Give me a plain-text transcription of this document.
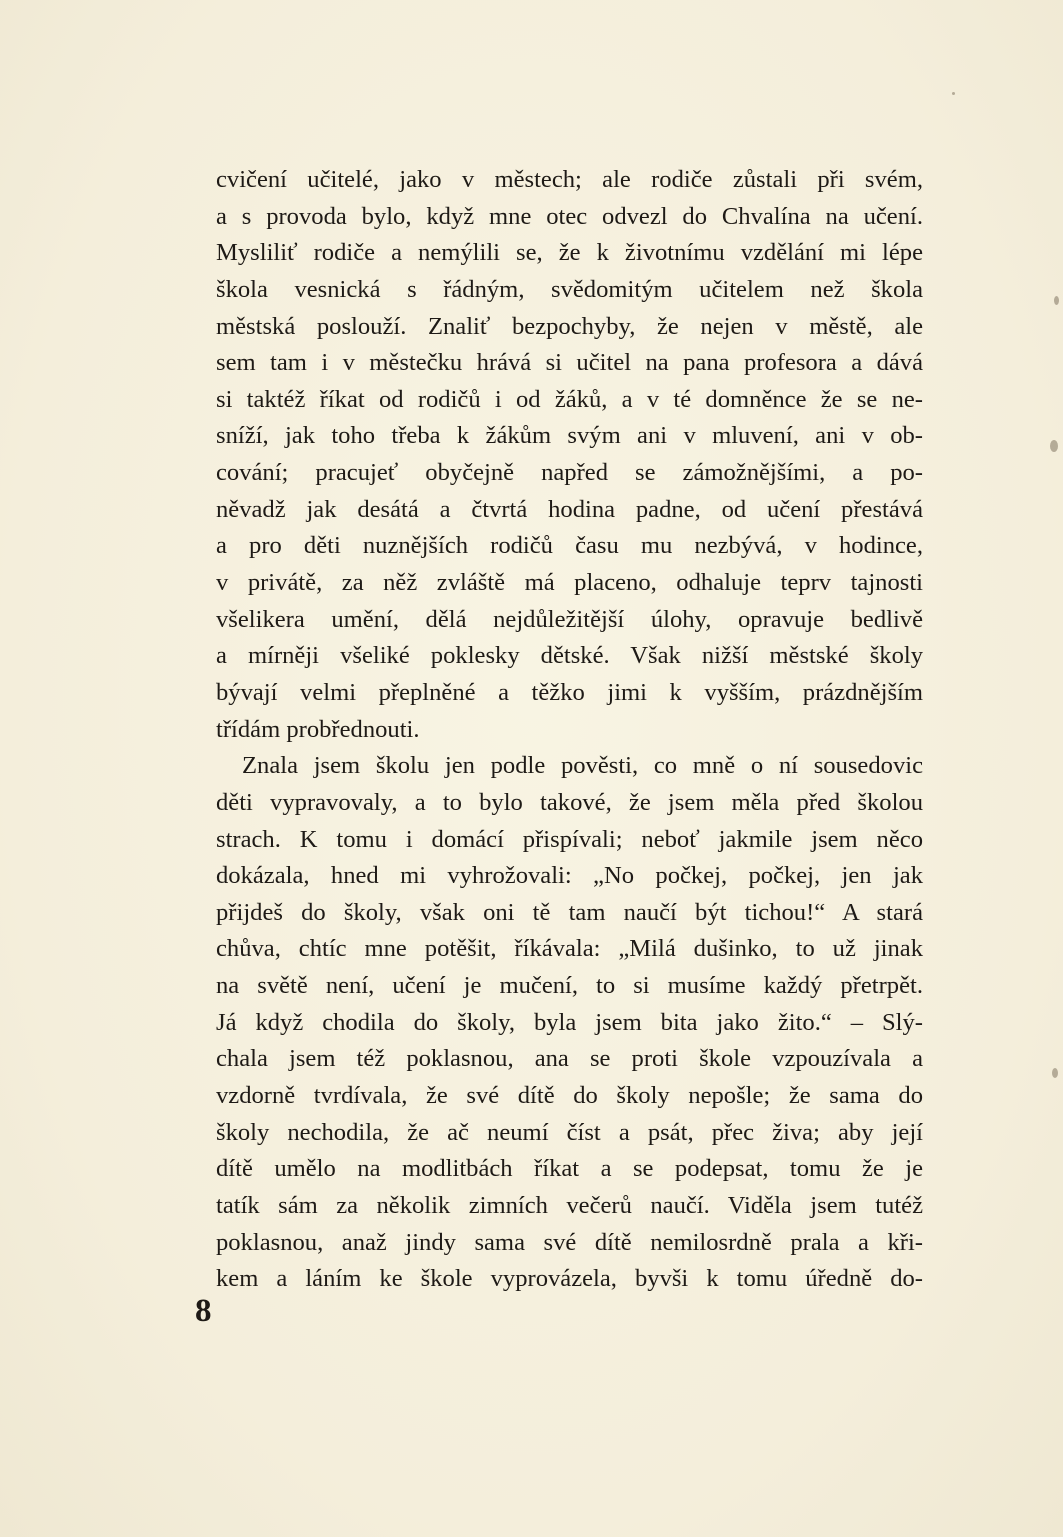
cvičení učitelé, jako v městech; ale rodiče zůstali při svém,
a s provoda bylo, když mne otec odvezl do Chvalína na učení.
Mysliliť rodiče a nemýlili se, že k životnímu vzdělání mi lépe
škola vesnická s řádným, svědomitým učitelem než škola
městská poslouží. Znaliť bezpochyby, že nejen v městě, ale
sem tam i v městečku hrává si učitel na pana profesora a dává
si taktéž říkat od rodičů i od žáků, a v té domněnce že se ne-
sníží, jak toho třeba k žákům svým ani v mluvení, ani v ob-
cování; pracujeť obyčejně napřed se zámožnějšími, a po-
něvadž jak desátá a čtvrtá hodina padne, od učení přestává
a pro děti nuznějších rodičů času mu nezbývá, v hodince,
v privátě, za něž zvláště má placeno, odhaluje teprv tajnosti
všelikera umění, dělá nejdůležitější úlohy, opravuje bedlivě
a mírněji všeliké poklesky dětské. Však nižší městské školy
bývají velmi přeplněné a těžko jimi k vyšším, prázdnějším
třídám probřednouti.
Znala jsem školu jen podle pověsti, co mně o ní sousedovic
děti vypravovaly, a to bylo takové, že jsem měla před školou
strach. K tomu i domácí přispívali; neboť jakmile jsem něco
dokázala, hned mi vyhrožovali: „No počkej, počkej, jen jak
přijdeš do školy, však oni tě tam naučí být tichou!“ A stará
chůva, chtíc mne potěšit, říkávala: „Milá dušinko, to už jinak
na světě není, učení je mučení, to si musíme každý přetrpět.
Já když chodila do školy, byla jsem bita jako žito.“ – Slý-
chala jsem též poklasnou, ana se proti škole vzpouzívala a
vzdorně tvrdívala, že své dítě do školy nepošle; že sama do
školy nechodila, že ač neumí číst a psát, přec živa; aby její
dítě umělo na modlitbách říkat a se podepsat, tomu že je
tatík sám za několik zimních večerů naučí. Viděla jsem tutéž
poklasnou, anaž jindy sama své dítě nemilosrdně prala a kři-
kem a láním ke škole vyprovázela, byvši k tomu úředně do-
8
